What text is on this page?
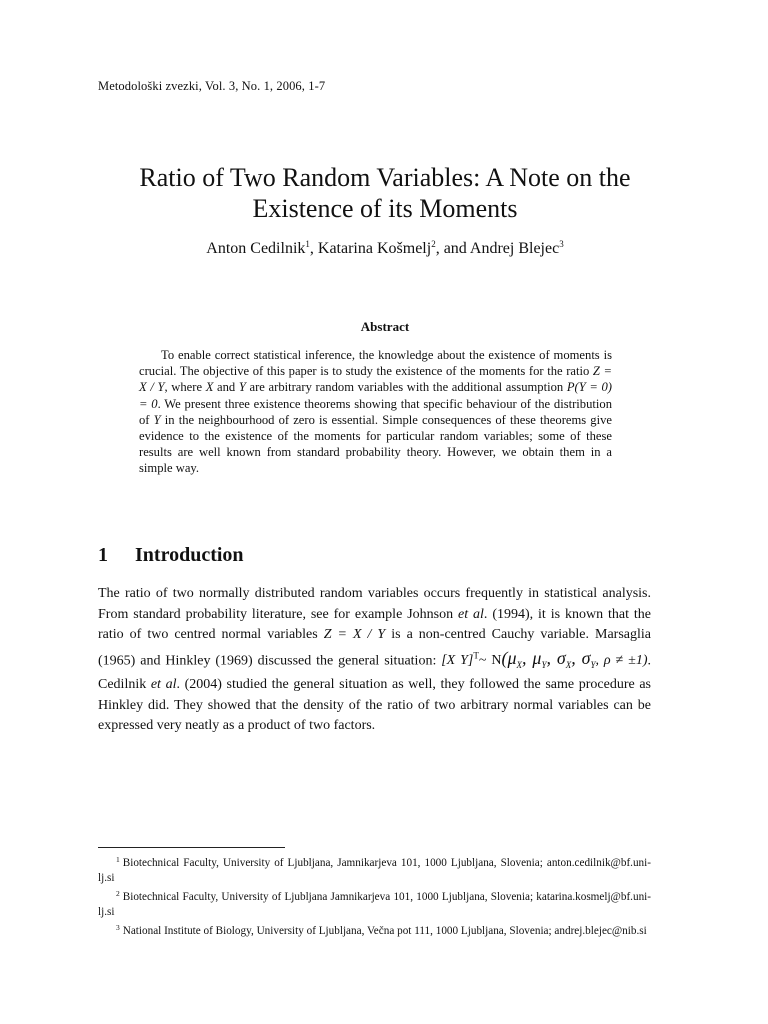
Metodološki zvezki, Vol. 3, No. 1, 2006, 1-7
Ratio of Two Random Variables: A Note on the
Existence of its Moments
Anton Cedilnik$^1$, Katarina Košmelj$^2$, and Andrej Blejec$^3$
Abstract

To enable correct statistical inference, the knowledge about the existence of moments is crucial. The objective of this paper is to study the existence of the moments for the ratio Z = X / Y, where X and Y are arbitrary random variables with the additional assumption P(Y = 0) = 0. We present three existence theorems showing that specific behaviour of the distribution of Y in the neighbourhood of zero is essential. Simple consequences of these theorems give evidence to the existence of the moments for particular random variables; some of these results are well known from standard probability theory. However, we obtain them in a simple way.

1 Introduction

The ratio of two normally distributed random variables occurs frequently in statistical analysis. From standard probability literature, see for example Johnson et al. (1994), it is known that the ratio of two centred normal variables Z = X / Y is a non-centred Cauchy variable. Marsaglia (1965) and Hinkley (1969) discussed the general situation: [X Y]$^T$~ $N(\mu_X$, $\mu_Y$, $\sigma_X$, $\sigma_Y$, ρ ≠ ±1). Cedilnik et al. (2004) studied the general situation as well, they followed the same procedure as Hinkley did. They showed that the density of the ratio of two arbitrary normal variables can be expressed very neatly as a product of two factors.

$^1$ Biotechnical Faculty, University of Ljubljana, Jamnikarjeva 101, 1000 Ljubljana, Slovenia; anton.cedilnik@bf.uni-lj.si

$^2$ Biotechnical Faculty, University of Ljubljana Jamnikarjeva 101, 1000 Ljubljana, Slovenia; katarina.kosmelj@bf.uni-lj.si

$^3$ National Institute of Biology, University of Ljubljana, Večna pot 111, 1000 Ljubljana, Slovenia; andrej.blejec@nib.si
